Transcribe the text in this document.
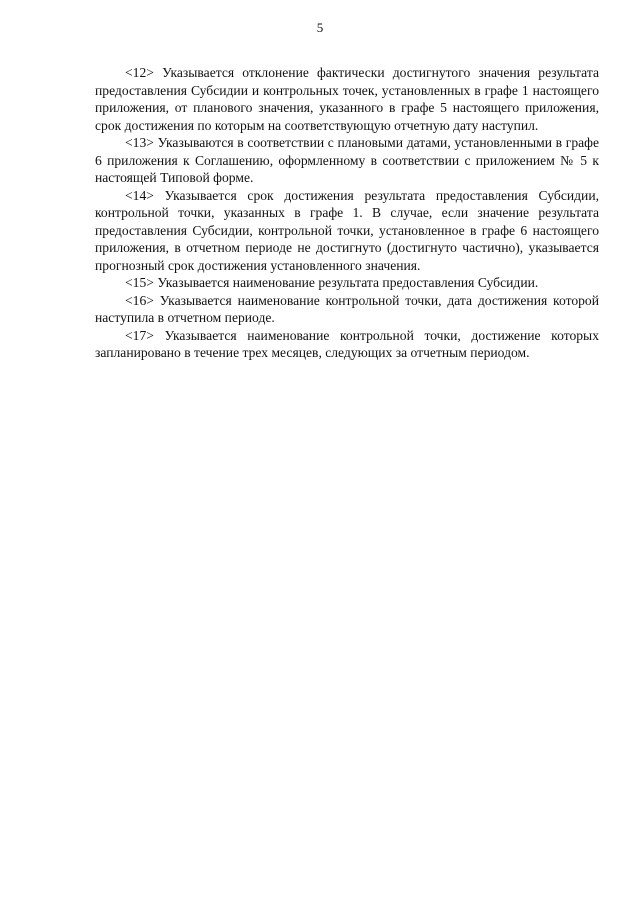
5

<12> Указывается отклонение фактически достигнутого значения результата предоставления Субсидии и контрольных точек, установленных в графе 1 настоящего приложения, от планового значения, указанного в графе 5 настоящего приложения, срок достижения по которым на соответствующую отчетную дату наступил.

<13> Указываются в соответствии с плановыми датами, установленными в графе 6 приложения к Соглашению, оформленному в соответствии с приложением № 5 к настоящей Типовой форме.

<14> Указывается срок достижения результата предоставления Субсидии, контрольной точки, указанных в графе 1. В случае, если значение результата предоставления Субсидии, контрольной точки, установленное в графе 6 настоящего приложения, в отчетном периоде не достигнуто (достигнуто частично), указывается прогнозный срок достижения установленного значения.

<15> Указывается наименование результата предоставления Субсидии.

<16> Указывается наименование контрольной точки, дата достижения которой наступила в отчетном периоде.

<17> Указывается наименование контрольной точки, достижение которых запланировано в течение трех месяцев, следующих за отчетным периодом.
